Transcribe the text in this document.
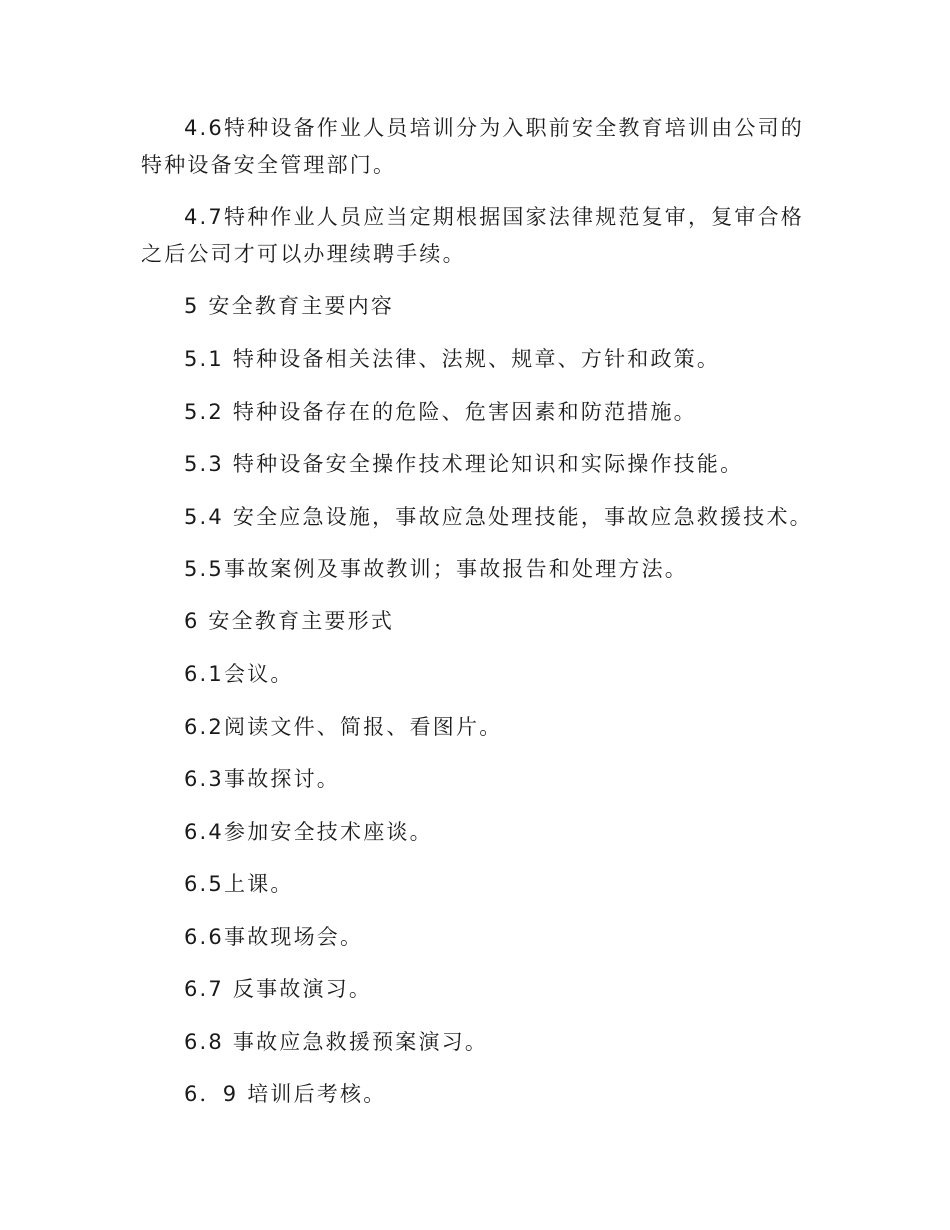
4.6特种设备作业人员培训分为入职前安全教育培训由公司的特种设备安全管理部门。

4.7特种作业人员应当定期根据国家法律规范复审，复审合格之后公司才可以办理续聘手续。

5 安全教育主要内容

5.1 特种设备相关法律、法规、规章、方针和政策。

5.2 特种设备存在的危险、危害因素和防范措施。

5.3 特种设备安全操作技术理论知识和实际操作技能。

5.4 安全应急设施，事故应急处理技能，事故应急救援技术。

5.5事故案例及事故教训；事故报告和处理方法。

6 安全教育主要形式

6.1会议。

6.2阅读文件、简报、看图片。

6.3事故探讨。

6.4参加安全技术座谈。

6.5上课。

6.6事故现场会。

6.7 反事故演习。

6.8 事故应急救援预案演习。

6．9 培训后考核。
